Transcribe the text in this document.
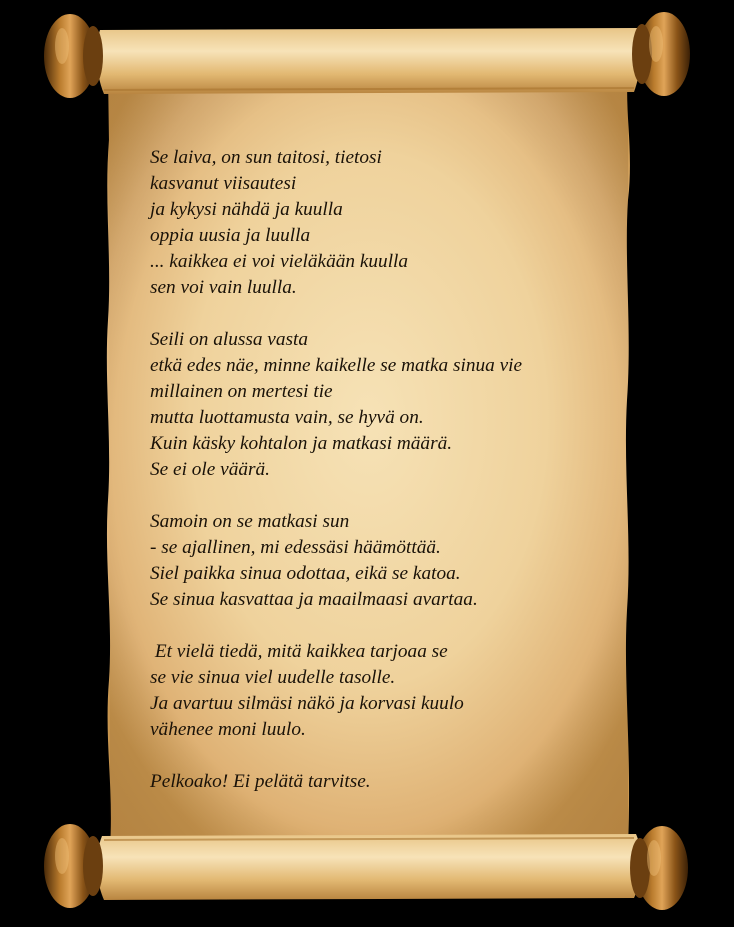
Se laiva, on sun taitosi, tietosi
kasvanut viisautesi
ja kykysi nähdä ja kuulla
oppia uusia ja luulla
... kaikkea ei voi vieläkään kuulla
sen voi vain luulla.
Seili on alussa vasta
etkä edes näe, minne kaikelle se matka sinua vie
millainen on mertesi tie
mutta luottamusta vain, se hyvä on.
Kuin käsky kohtalon ja matkasi määrä.
Se ei ole väärä.
Samoin on se matkasi sun
- se ajallinen, mi edessäsi häämöttää.
Siel paikka sinua odottaa, eikä se katoa.
Se sinua kasvattaa ja maailmaasi avartaa.
Et vielä tiedä, mitä kaikkea tarjoaa se
se vie sinua viel uudelle tasolle.
Ja avartuu silmäsi näkö ja korvasi kuulo
vähenee moni luulo.
Pelkoako! Ei pelätä tarvitse.
